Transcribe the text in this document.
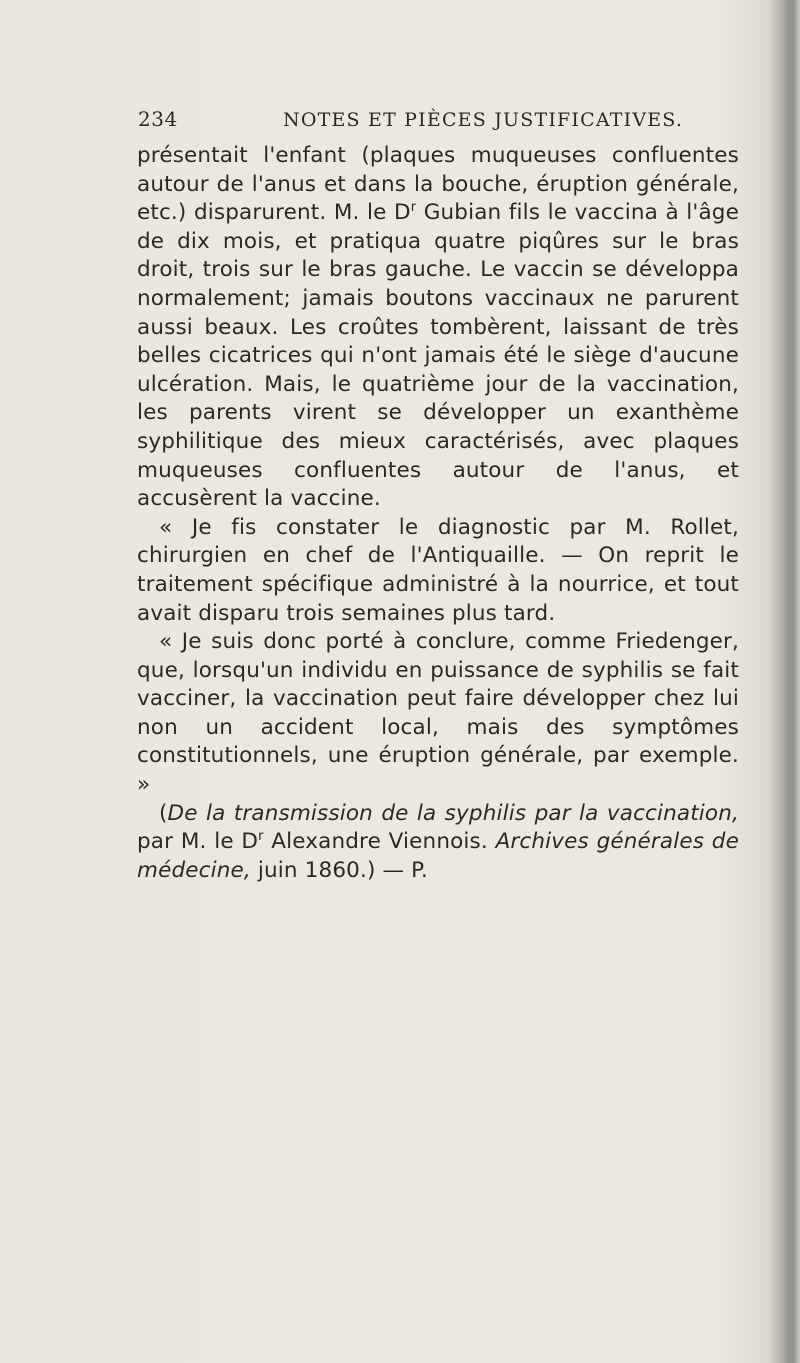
234	NOTES ET PIÈCES JUSTIFICATIVES.

présentait l'enfant (plaques muqueuses confluentes autour de l'anus et dans la bouche, éruption générale, etc.) disparurent. M. le $D^r$ Gubian fils le vaccina à l'âge de dix mois, et pratiqua quatre piqûres sur le bras droit, trois sur le bras gauche. Le vaccin se développa normalement; jamais boutons vaccinaux ne parurent aussi beaux. Les croûtes tombèrent, laissant de très belles cicatrices qui n'ont jamais été le siège d'aucune ulcération. Mais, le quatrième jour de la vaccination, les parents virent se développer un exanthème syphilitique des mieux caractérisés, avec plaques muqueuses confluentes autour de l'anus, et accusèrent la vaccine.

« Je fis constater le diagnostic par M. Rollet, chirurgien en chef de l'Antiquaille. — On reprit le traitement spécifique administré à la nourrice, et tout avait disparu trois semaines plus tard.

« Je suis donc porté à conclure, comme Friedenger, que, lorsqu'un individu en puissance de syphilis se fait vacciner, la vaccination peut faire développer chez lui non un accident local, mais des symptômes constitutionnels, une éruption générale, par exemple. »

(De la transmission de la syphilis par la vaccination, par M. le $D^r$ Alexandre Viennois. Archives générales de médecine, juin 1860.) — P.
